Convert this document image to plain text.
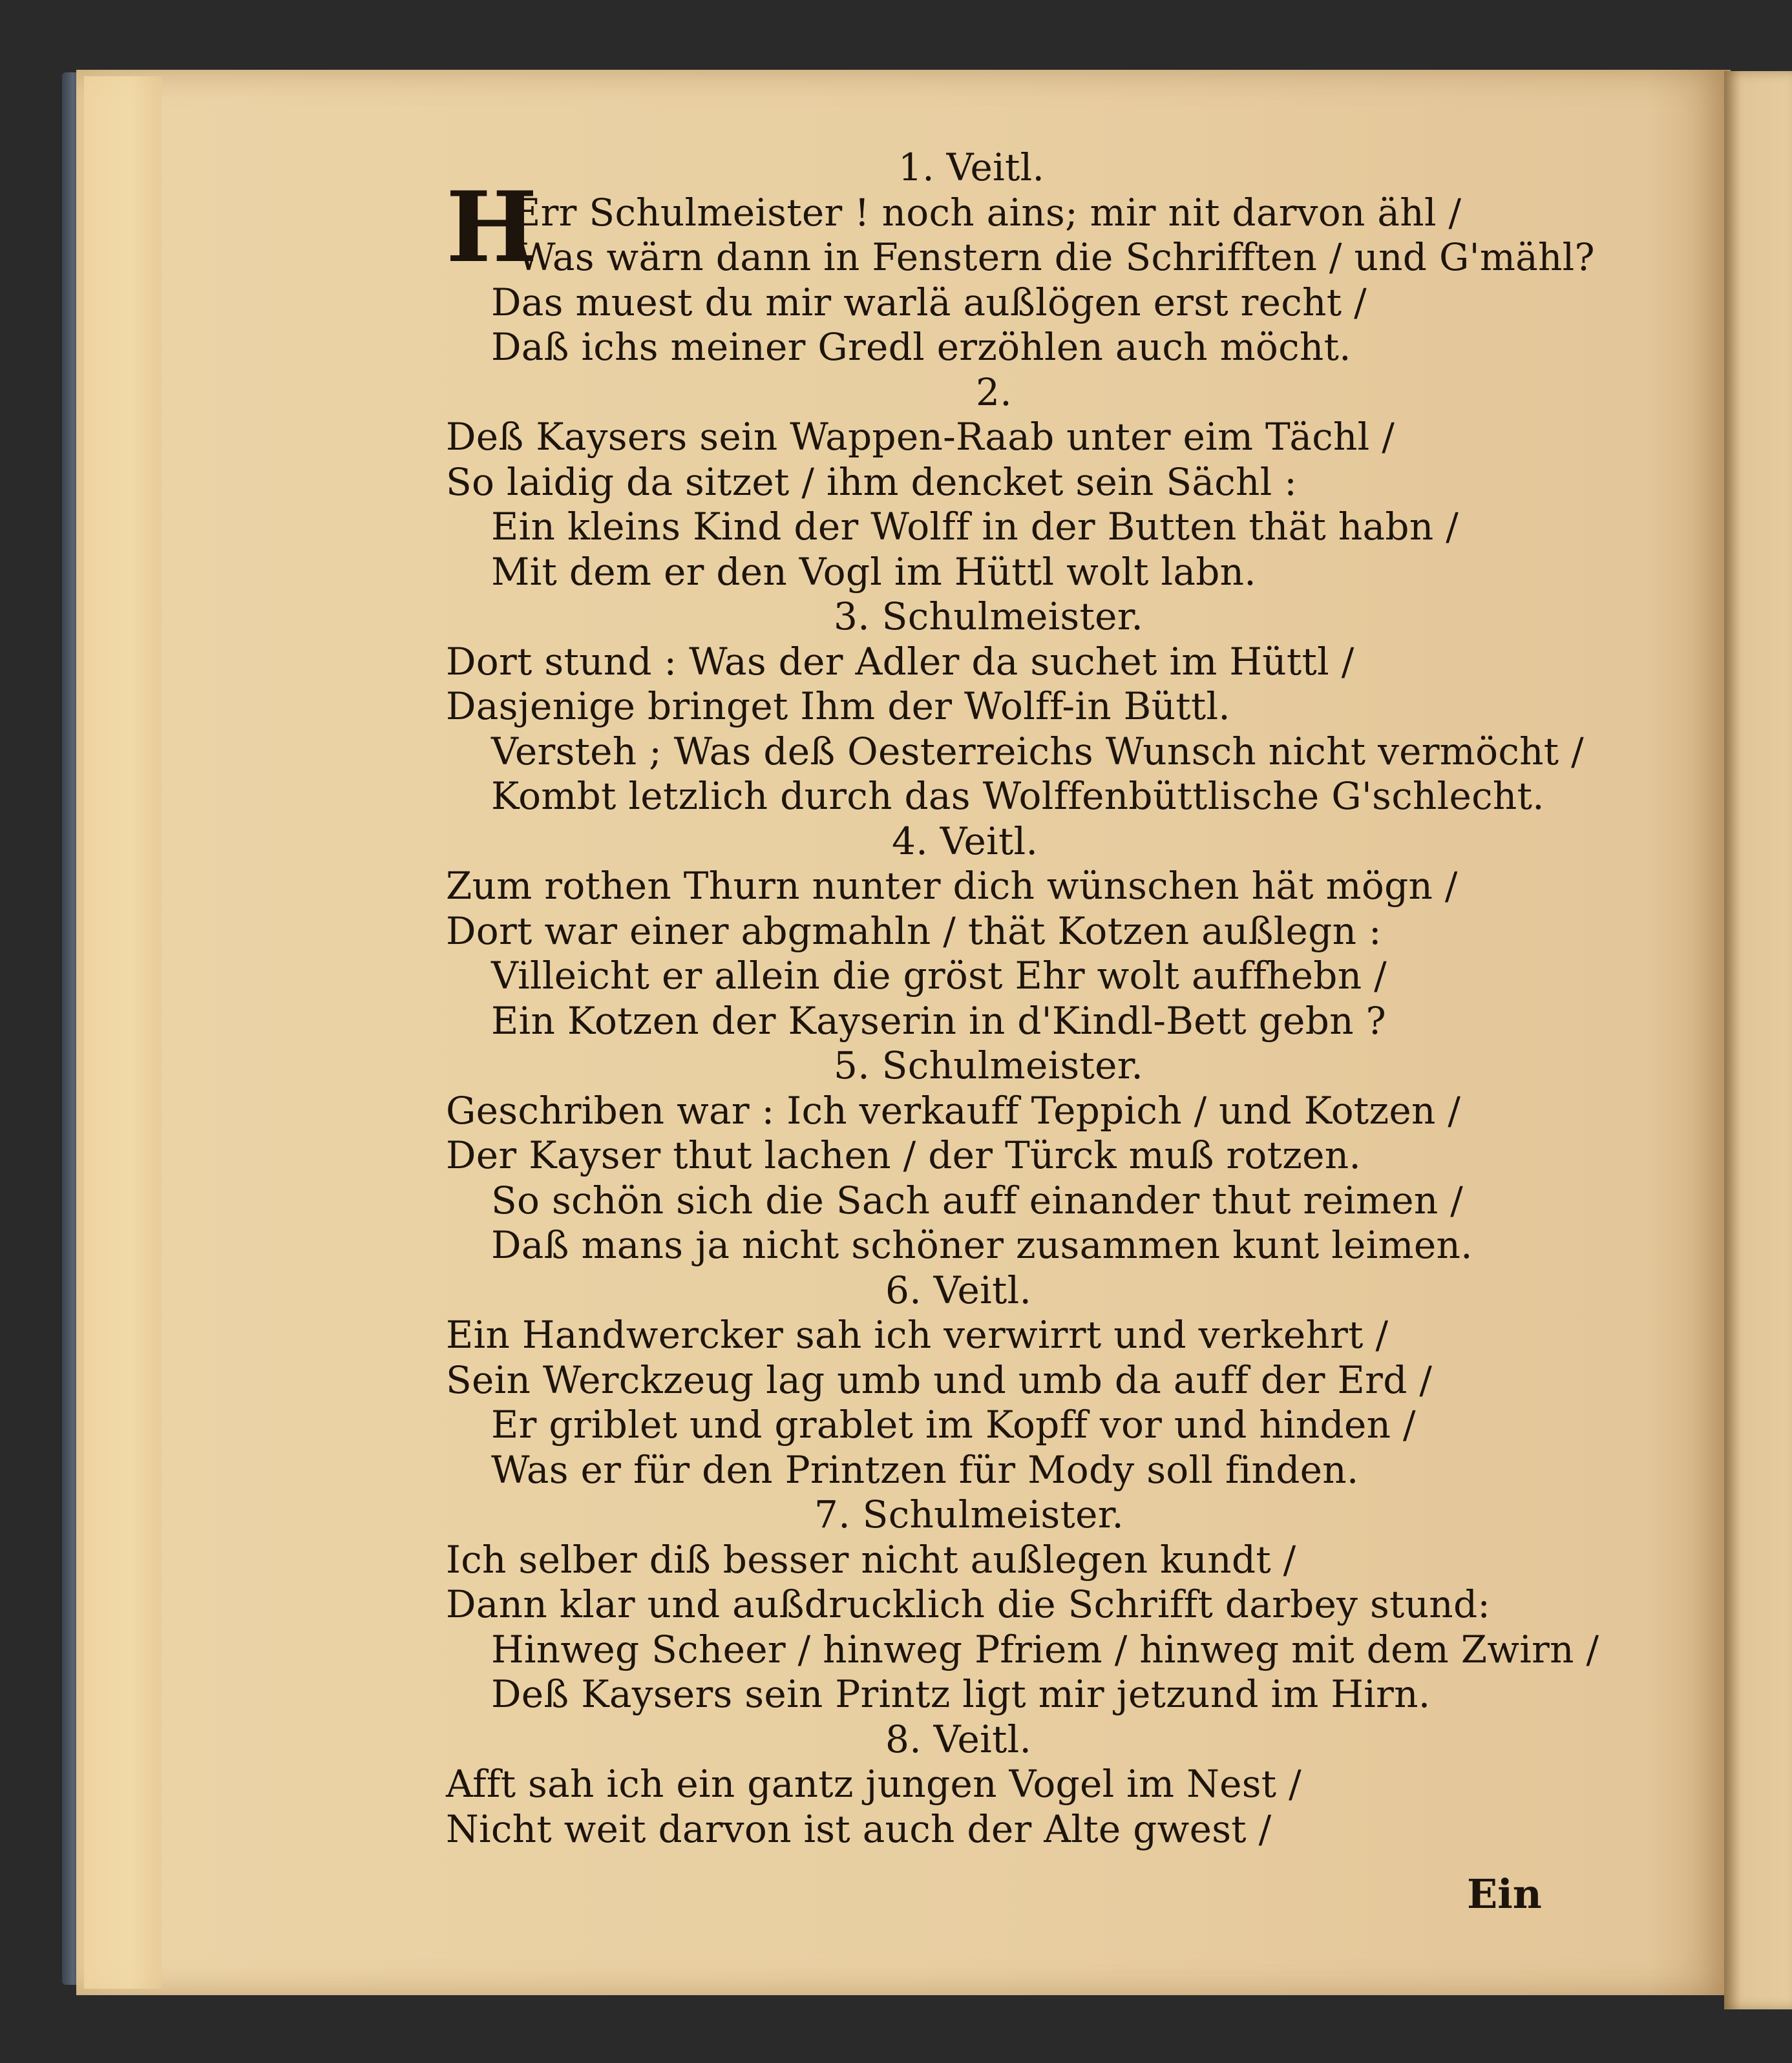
1. Veitl.
HErr Schulmeister ! noch ains; mir nit darvon ähl /
Was wärn dann in Fenstern die Schrifften / und G'mähl?
Das muest du mir warlä außlögen erst recht /
Daß ichs meiner Gredl erzöhlen auch möcht.
2.
Deß Kaysers sein Wappen-Raab unter eim Tächl /
So laidig da sitzet / ihm dencket sein Sächl :
Ein kleins Kind der Wolff in der Butten thät habn /
Mit dem er den Vogl im Hüttl wolt labn.
3. Schulmeister.
Dort stund : Was der Adler da suchet im Hüttl /
Dasjenige bringet Ihm der Wolff-in Büttl.
Versteh ; Was deß Oesterreichs Wunsch nicht vermöcht /
Kombt letzlich durch das Wolffenbüttlische G'schlecht.
4. Veitl.
Zum rothen Thurn nunter dich wünschen hät mögn /
Dort war einer abgmahln / thät Kotzen außlegn :
Villeicht er allein die gröst Ehr wolt auffhebn /
Ein Kotzen der Kayserin in d'Kindl-Bett gebn ?
5. Schulmeister.
Geschriben war : Ich verkauff Teppich / und Kotzen /
Der Kayser thut lachen / der Türck muß rotzen.
So schön sich die Sach auff einander thut reimen /
Daß mans ja nicht schöner zusammen kunt leimen.
6. Veitl.
Ein Handwercker sah ich verwirrt und verkehrt /
Sein Werckzeug lag umb und umb da auff der Erd /
Er griblet und grablet im Kopff vor und hinden /
Was er für den Printzen für Mody soll finden.
7. Schulmeister.
Ich selber diß besser nicht außlegen kundt /
Dann klar und außdrucklich die Schrifft darbey stund:
Hinweg Scheer / hinweg Pfriem / hinweg mit dem Zwirn /
Deß Kaysers sein Printz ligt mir jetzund im Hirn.
8. Veitl.
Afft sah ich ein gantz jungen Vogel im Nest /
Nicht weit darvon ist auch der Alte gwest /
Ein
